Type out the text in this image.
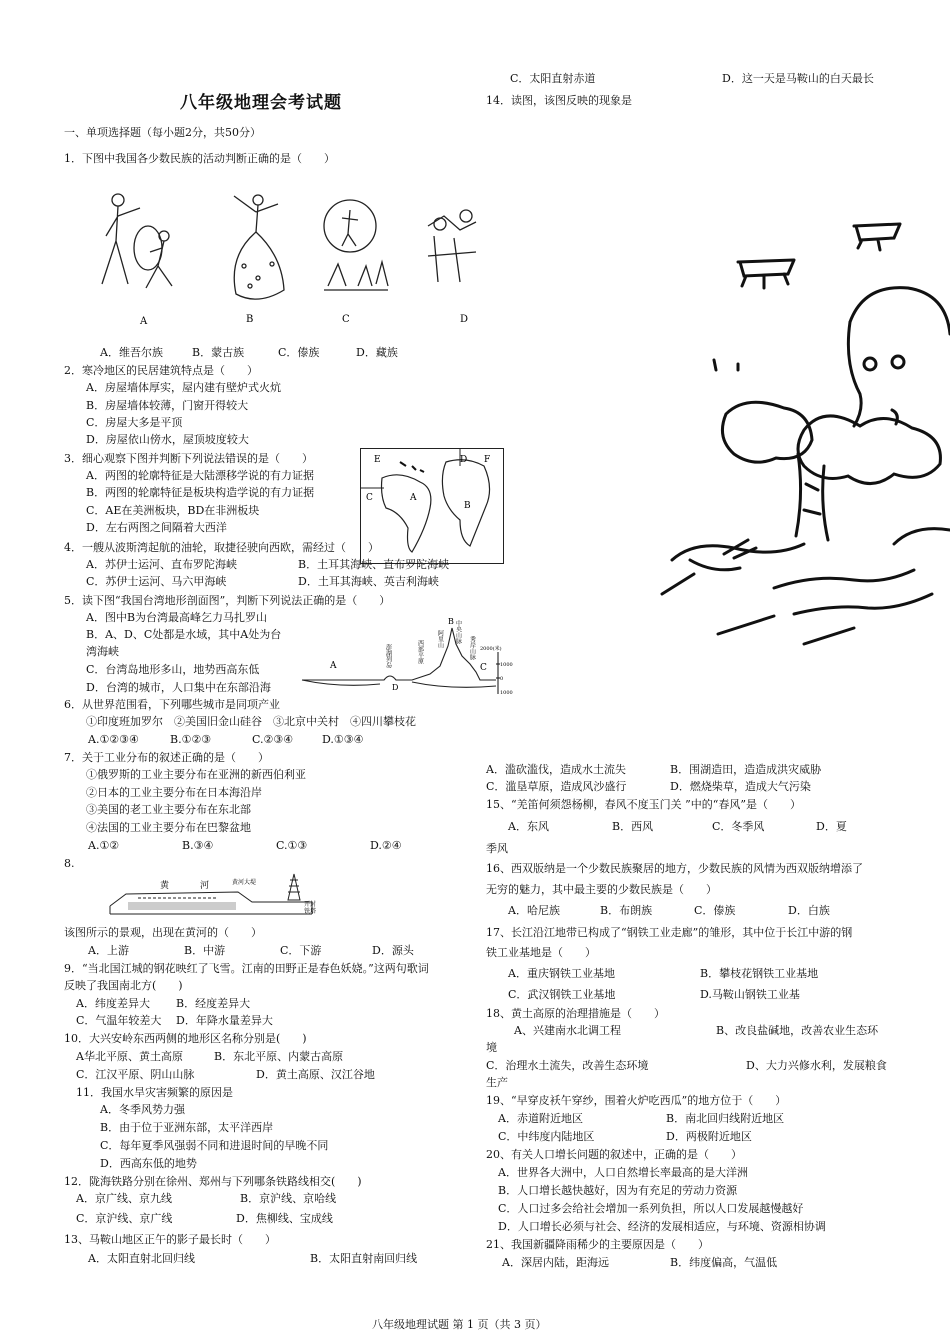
八年级地理会考试题
一、单项选择题（每小题2分，共50分）
1．下图中我国各少数民族的活动判断正确的是（　　）
A	B	C	D
A．维吾尔族	B．蒙古族	C．傣族	D．藏族
2．寒冷地区的民居建筑特点是（　　）
A．房屋墙体厚实，屋内建有壁炉式火炕
B．房屋墙体较薄，门窗开得较大
C．房屋大多是平顶
D．房屋依山傍水，屋顶坡度较大
3．细心观察下图并判断下列说法错误的是（　　）
A．两图的轮廓特征是大陆漂移学说的有力证据
B．两图的轮廓特征是板块构造学说的有力证据
C．AE在美洲板块，BD在非洲板块
D．左右两图之间隔着大西洋
E
A
C
B
D F
4．一艘从波斯湾起航的油轮，取捷径驶向西欧，需经过（　　）
A．苏伊士运河、直布罗陀海峡	B．土耳其海峡、直布罗陀海峡
C．苏伊士运河、马六甲海峡	D．土耳其海峡、英吉利海峡
5．读下图“我国台湾地形剖面图”，判断下列说法正确的是（　　）
A．图中B为台湾最高峰乞力马扎罗山
B．A、D、C处都是水域，其中A处为台
湾海峡
C．台湾岛地形多山，地势西高东低
D．台湾的城市，人口集中在东部沿海
A
B
D
C
澎湖列岛	西部平原
阿里山 中央山脉
秀岸山脉 2000(米)
1000
0
1000
6．从世界范围看，下列哪些城市是同项产业
①印度班加罗尔　②美国旧金山硅谷　③北京中关村　④四川攀枝花
A.①②③④	B.①②③	C.②③④	D.①③④
7．关于工业分布的叙述正确的是（　　）
①俄罗斯的工业主要分布在亚洲的新西伯利亚
②日本的工业主要分布在日本海沿岸
③美国的老工业主要分布在东北部
④法国的工业主要分布在巴黎盆地
A.①②	B.③④	C.①③	D.②④
8.
黄	河	黄河大堤
开封
铁塔
该图所示的景观，出现在黄河的（　　）
A．上游	B．中游	C．下游	D．源头
9．“当北国江城的钢花映红了飞雪。江南的田野正是春色妖娆。”这两句歌词
反映了我国南北方(　　)
A．纬度差异大 B．经度差异大
C．气温年较差大 D．年降水量差异大
10．大兴安岭东西两侧的地形区名称分别是(　　)
A华北平原、黄土高原	B．东北平原、内蒙古高原
C．江汉平原、阴山山脉	D．黄土高原、汉江谷地
11．我国水旱灾害频繁的原因是
A．冬季风势力强
B．由于位于亚洲东部，太平洋西岸
C．每年夏季风强弱不同和进退时间的早晚不同
D．西高东低的地势
12．陇海铁路分别在徐州、郑州与下列哪条铁路线相交(　　)
A．京广线、京九线	B．京沪线、京哈线
C．京沪线、京广线	D．焦柳线、宝成线
13、马鞍山地区正午的影子最长时（　　）
A．太阳直射北回归线	B．太阳直射南回归线
C．太阳直射赤道	D．这一天是马鞍山的白天最长
14．读图，该图反映的现象是
A．滥砍滥伐，造成水土流失	B．围湖造田，造造成洪灾威胁
C．滥垦草原，造成风沙盛行	D．燃烧柴草，造成大气污染
15、“羌笛何须怨杨柳，春风不度玉门关 ”中的“春风”是（　　）
A．东风	B．西风	C．冬季风	D．夏
季风
16、西双版纳是一个少数民族聚居的地方，少数民族的风情为西双版纳增添了
无穷的魅力，其中最主要的少数民族是（　　）
A．哈尼族	B．布朗族	C．傣族	D．白族
17、长江沿江地带已构成了“钢铁工业走廊”的雏形，其中位于长江中游的钢
铁工业基地是（　　）
A．重庆钢铁工业基地	B．攀枝花钢铁工业基地
C．武汉钢铁工业基地	D.马鞍山钢铁工业基
18、黄土高原的治理措施是（　　）
A、兴建南水北调工程	B、改良盐碱地，改善农业生态环
境
C．治理水土流失，改善生态环境	D、大力兴修水利，发展粮食
生产
19、“早穿皮袄午穿纱，围着火炉吃西瓜”的地方位于（　　）
A．赤道附近地区	B．南北回归线附近地区
C．中纬度内陆地区	D．两极附近地区
20、有关人口增长问题的叙述中，正确的是（　　）
A．世界各大洲中，人口自然增长率最高的是大洋洲
B．人口增长越快越好，因为有充足的劳动力资源
C．人口过多会给社会增加一系列负担，所以人口发展越慢越好
D．人口增长必须与社会、经济的发展相适应，与环境、资源相协调
21、我国新疆降雨稀少的主要原因是（　　）
A．深居内陆，距海远	B．纬度偏高，气温低
八年级地理试题 第 1 页（共 3 页）
